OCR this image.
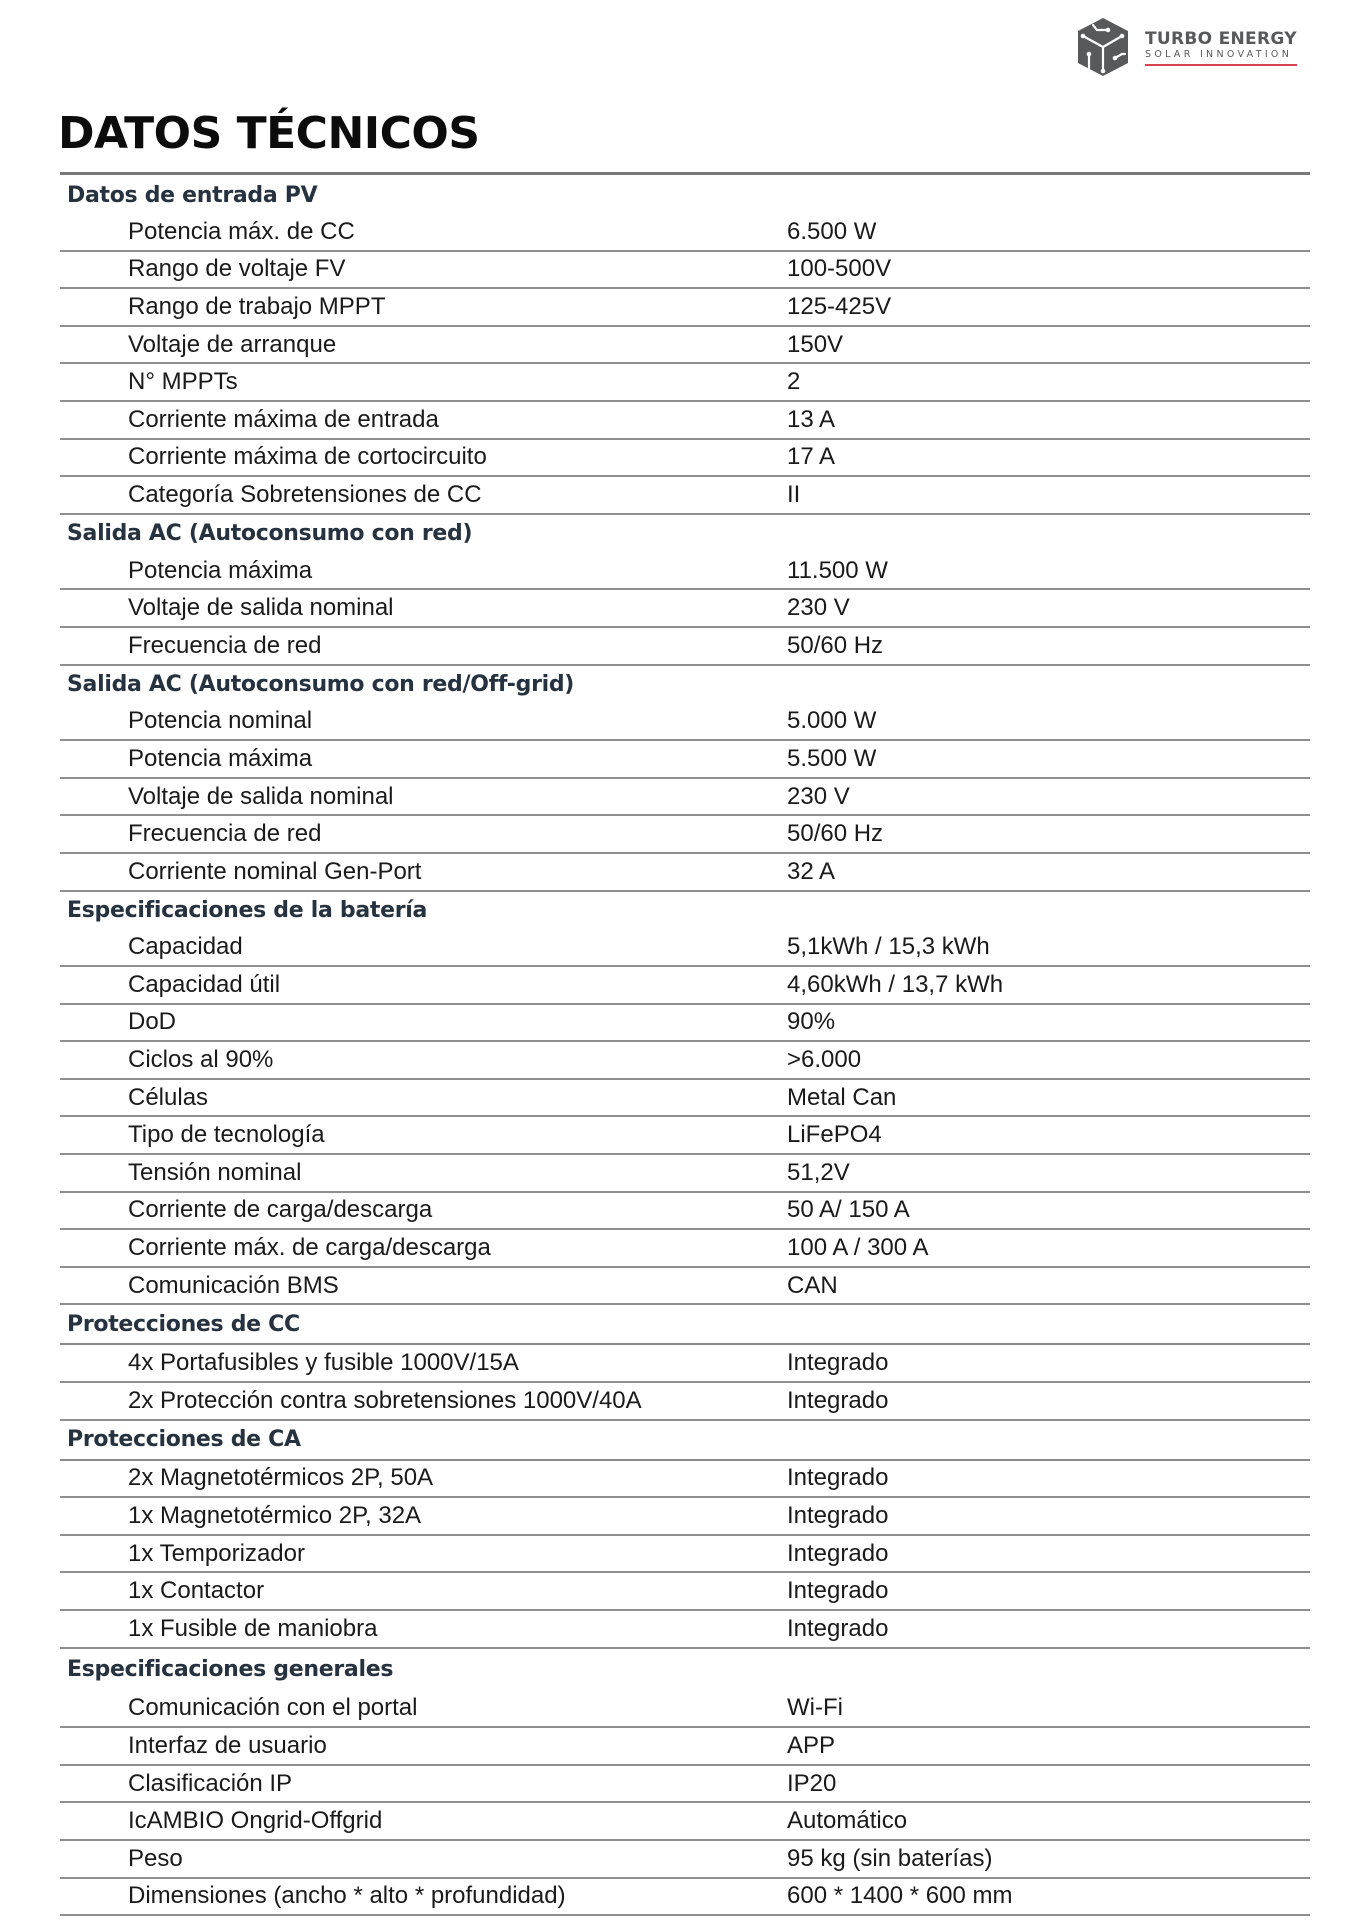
TURBO ENERGY
SOLAR INNOVATION
DATOS TÉCNICOS
Datos de entrada PV
Potencia máx. de CC	6.500 W
Rango de voltaje FV	100-500V
Rango de trabajo MPPT	125-425V
Voltaje de arranque	150V
N° MPPTs	2
Corriente máxima de entrada	13 A
Corriente máxima de cortocircuito	17 A
Categoría Sobretensiones de CC	II
Salida AC (Autoconsumo con red)
Potencia máxima	11.500 W
Voltaje de salida nominal	230 V
Frecuencia de red	50/60 Hz
Salida AC (Autoconsumo con red/Off-grid)
Potencia nominal	5.000 W
Potencia máxima	5.500 W
Voltaje de salida nominal	230 V
Frecuencia de red	50/60 Hz
Corriente nominal Gen-Port	32 A
Especificaciones de la batería
Capacidad	5,1kWh / 15,3 kWh
Capacidad útil	4,60kWh / 13,7 kWh
DoD	90%
Ciclos al 90%	>6.000
Células	Metal Can
Tipo de tecnología	LiFePO4
Tensión nominal	51,2V
Corriente de carga/descarga	50 A/ 150 A
Corriente máx. de carga/descarga	100 A / 300 A
Comunicación BMS	CAN
Protecciones de CC
4x Portafusibles y fusible 1000V/15A	Integrado
2x Protección contra sobretensiones 1000V/40A	Integrado
Protecciones de CA
2x Magnetotérmicos 2P, 50A	Integrado
1x Magnetotérmico 2P, 32A	Integrado
1x Temporizador	Integrado
1x Contactor	Integrado
1x Fusible de maniobra	Integrado
Especificaciones generales
Comunicación con el portal	Wi-Fi
Interfaz de usuario	APP
Clasificación IP	IP20
IcAMBIO Ongrid-Offgrid	Automático
Peso	95 kg (sin baterías)
Dimensiones (ancho * alto * profundidad)	600 * 1400 * 600 mm
